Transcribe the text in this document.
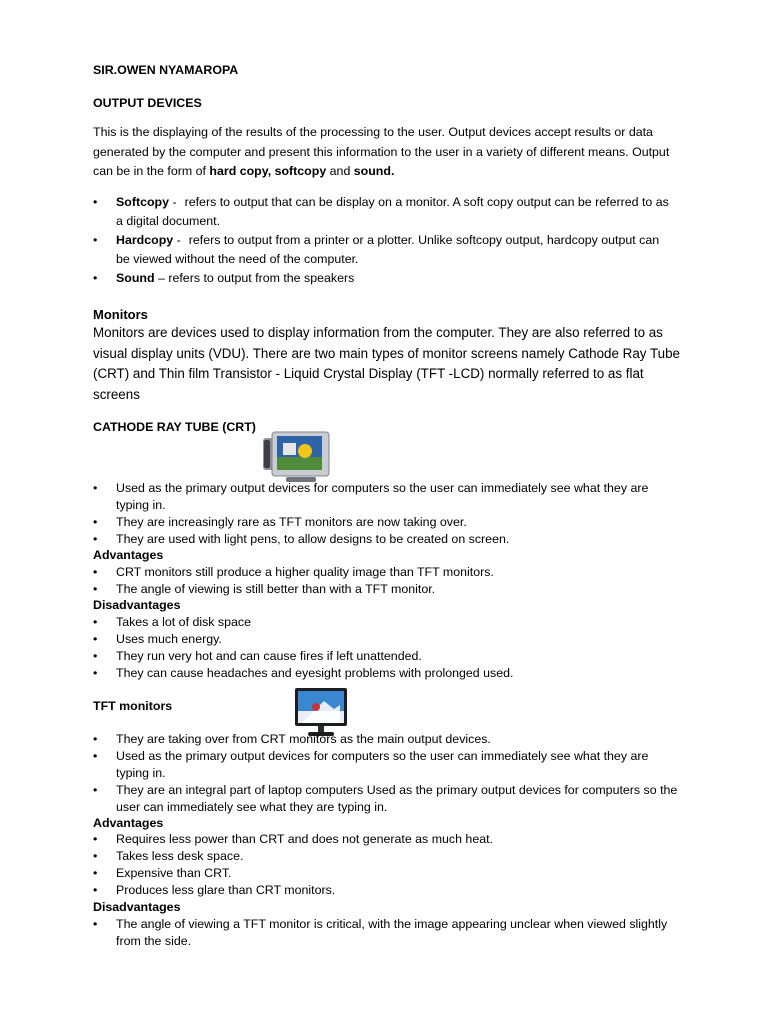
SIR.OWEN NYAMAROPA
OUTPUT DEVICES
This is the displaying of the results of the processing to the user. Output devices accept results or data generated by the computer and present this information to the user in a variety of different means. Output can be in the form of hard copy, softcopy and sound.
• Softcopy - refers to output that can be display on a monitor. A soft copy output can be referred to as a digital document.
• Hardcopy - refers to output from a printer or a plotter. Unlike softcopy output, hardcopy output can be viewed without the need of the computer.
• Sound – refers to output from the speakers
Monitors
Monitors are devices used to display information from the computer. They are also referred to as visual display units (VDU). There are two main types of monitor screens namely Cathode Ray Tube (CRT) and Thin film Transistor - Liquid Crystal Display (TFT -LCD) normally referred to as flat screens
CATHODE RAY TUBE (CRT)
• Used as the primary output devices for computers so the user can immediately see what they are typing in.
• They are increasingly rare as TFT monitors are now taking over.
• They are used with light pens, to allow designs to be created on screen.
Advantages
• CRT monitors still produce a higher quality image than TFT monitors.
• The angle of viewing is still better than with a TFT monitor.
Disadvantages
• Takes a lot of disk space
• Uses much energy.
• They run very hot and can cause fires if left unattended.
• They can cause headaches and eyesight problems with prolonged used.
TFT monitors
• They are taking over from CRT monitors as the main output devices.
• Used as the primary output devices for computers so the user can immediately see what they are typing in.
• They are an integral part of laptop computers Used as the primary output devices for computers so the user can immediately see what they are typing in.
Advantages
• Requires less power than CRT and does not generate as much heat.
• Takes less desk space.
• Expensive than CRT.
• Produces less glare than CRT monitors.
Disadvantages
• The angle of viewing a TFT monitor is critical, with the image appearing unclear when viewed slightly from the side.
